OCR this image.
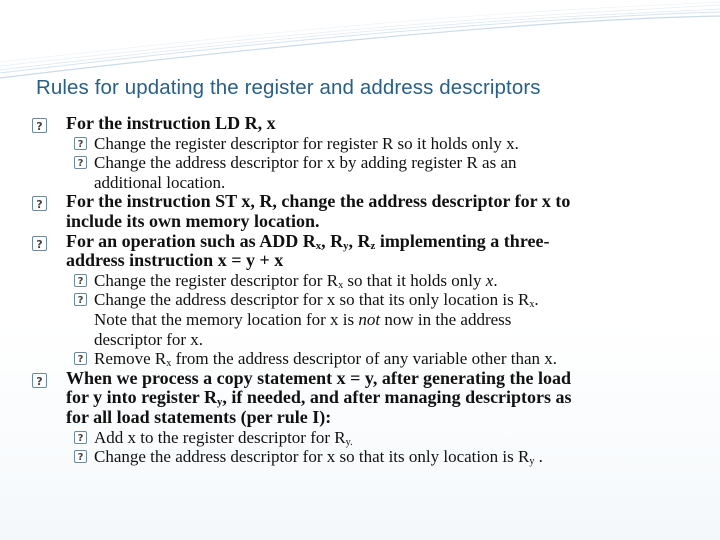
Rules for updating the register and address descriptors
?
For the instruction LD R, x
?
Change the register descriptor for register R so it holds only x.
?
Change the address descriptor for x by adding register R as an
additional location.
?
For the instruction ST x, R, change the address descriptor for x to
include its own memory location.
?
For an operation such as ADD $R_x$, $R_y$, $R_z$ implementing a three-
address instruction x = y + x
?
Change the register descriptor for $R_x$ so that it holds only x.
?
Change the address descriptor for x so that its only location is $R_x$.
Note that the memory location for x is not now in the address
descriptor for x.
?
Remove $R_x$ from the address descriptor of any variable other than x.
?
When we process a copy statement x = y, after generating the load
for y into register $R_y$, if needed, and after managing descriptors as
for all load statements (per rule I):
?
Add x to the register descriptor for $R_{y.}$
?
Change the address descriptor for x so that its only location is $R_y$ .
